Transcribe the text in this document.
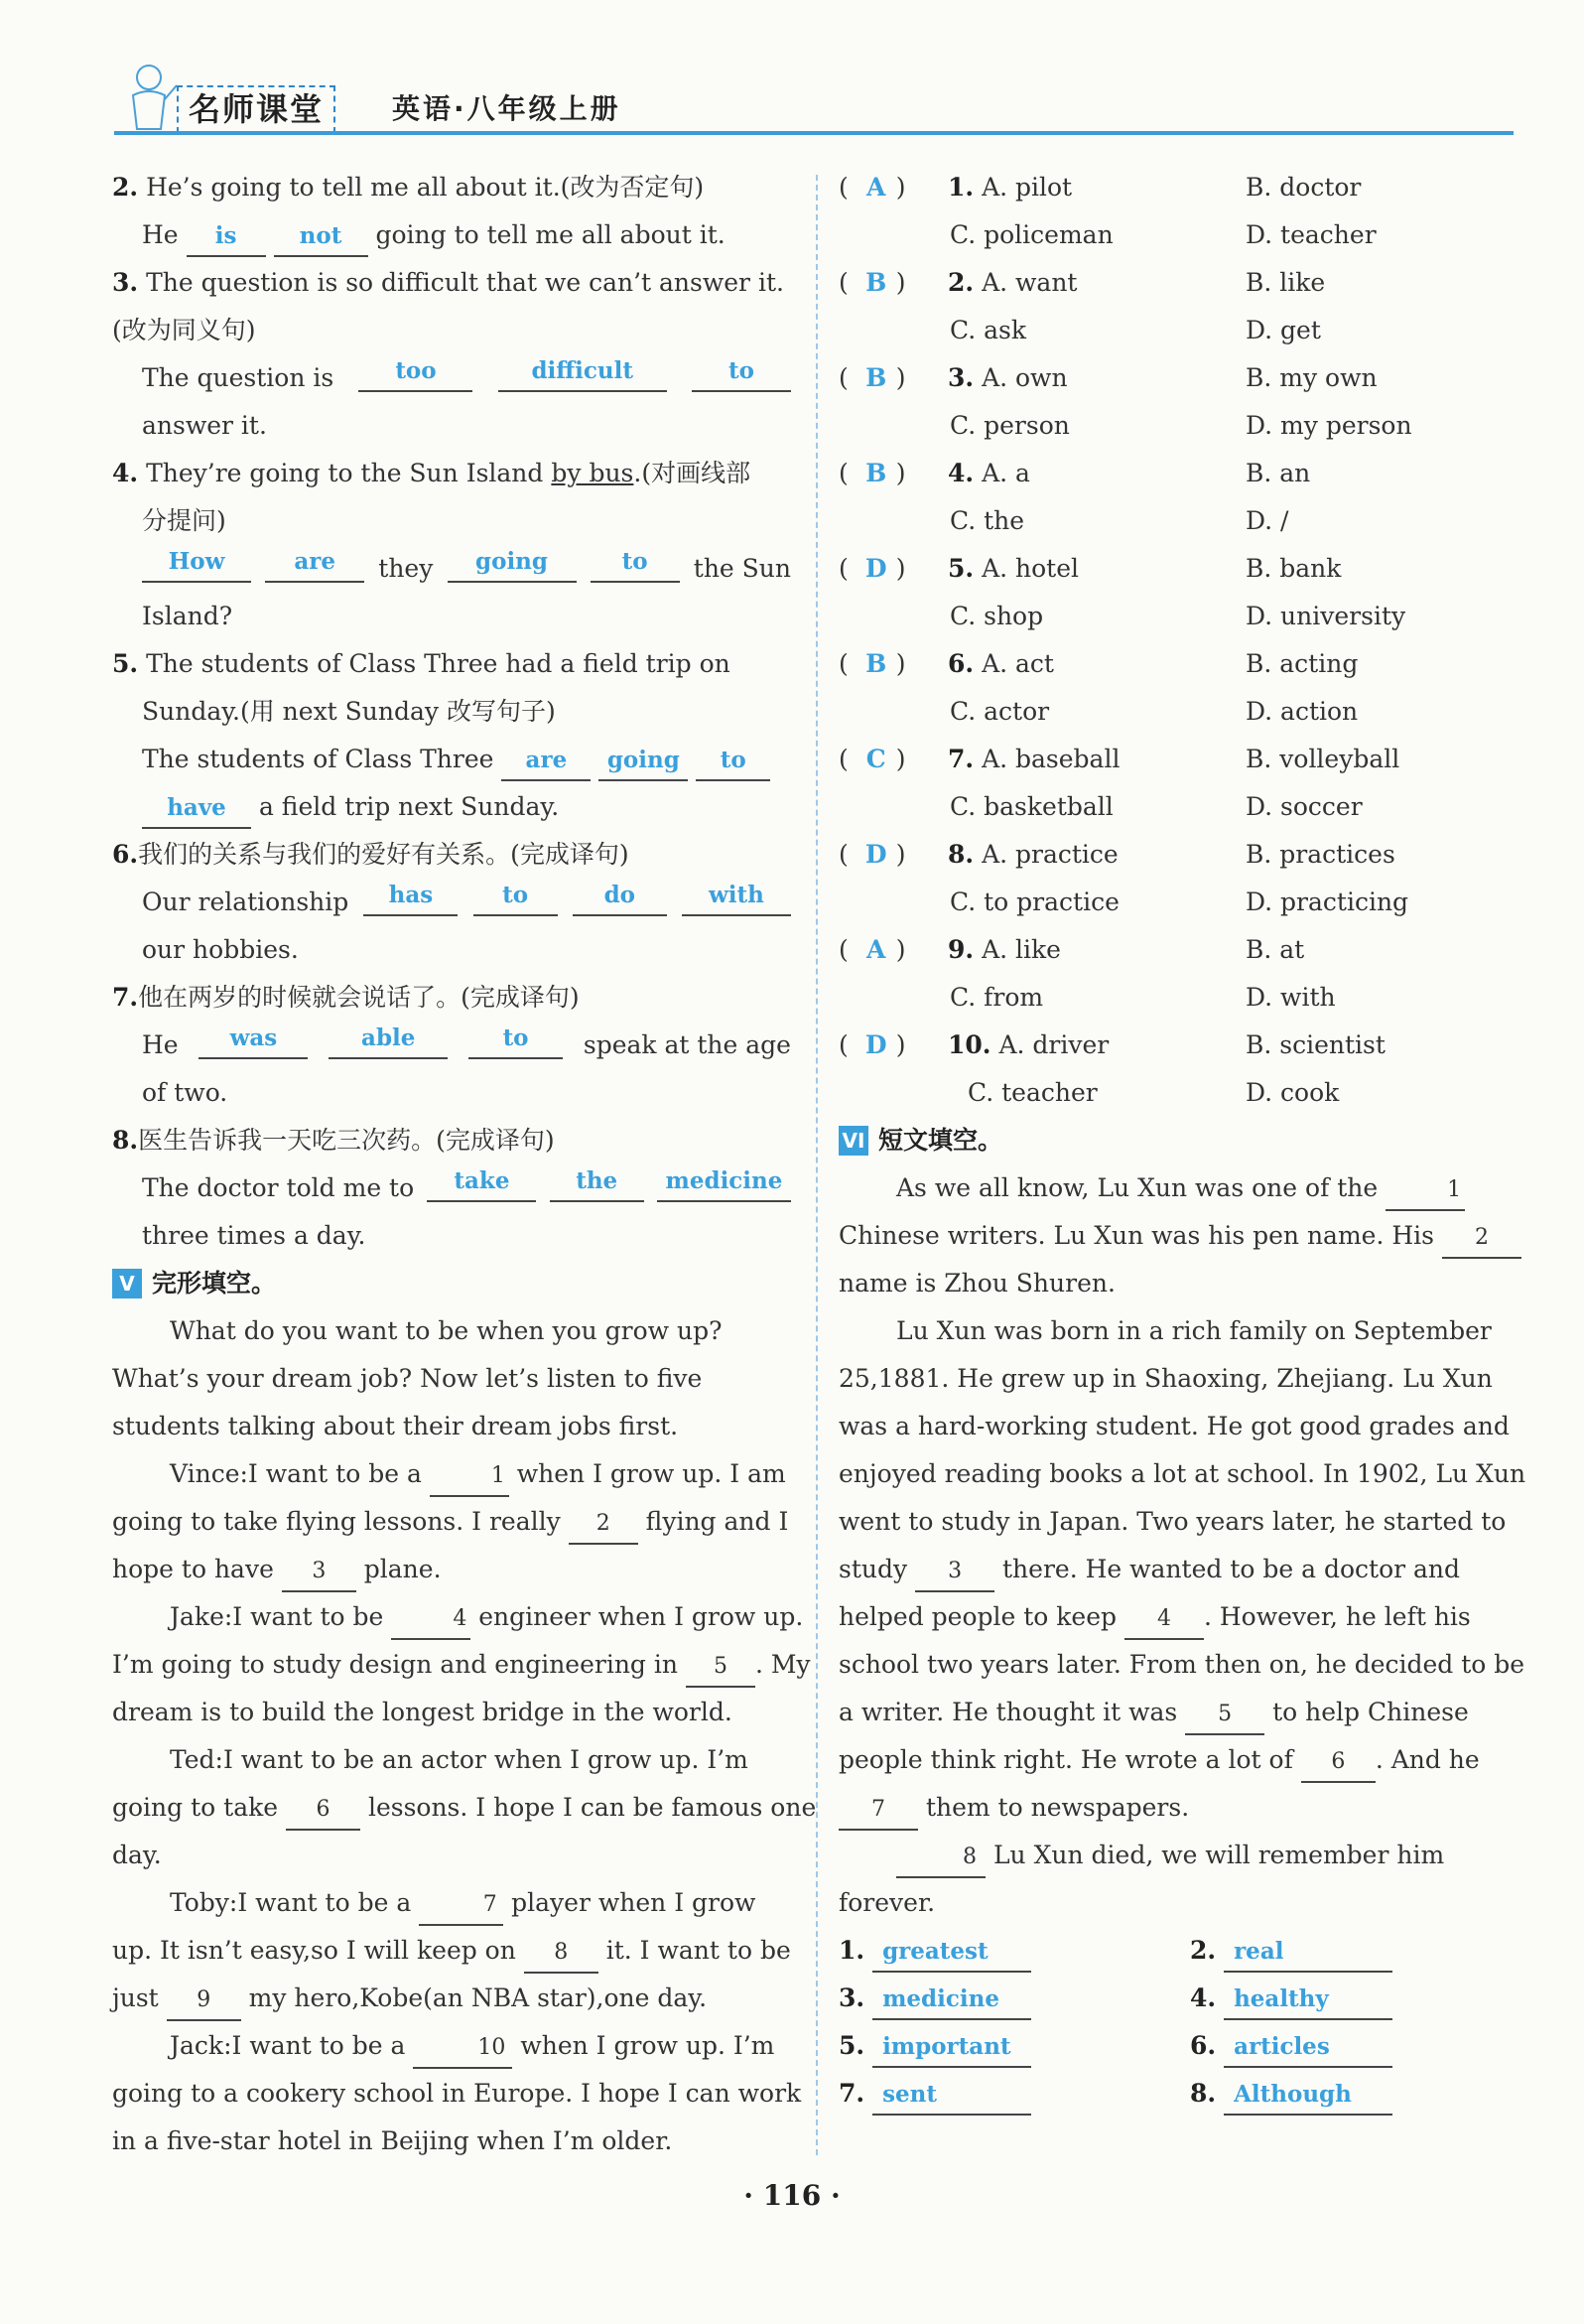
名师课堂	英语·八年级上册
2. He’s going to tell me all about it.(改为否定句)
He is	not going to tell me all about it.
3. The question is so difficult that we can’t answer it.
(改为同义句)
The question is	too	difficult	to
answer it.
4. They’re going to the Sun Island by bus.(对画线部
分提问)
How	are	they	going	to	the Sun
Island?
5. The students of Class Three had a field trip on
Sunday.(用 next Sunday 改写句子)
The students of Class Three are going to
have a field trip next Sunday.
6.我们的关系与我们的爱好有关系。(完成译句)
Our relationship	has	to	do	with
our hobbies.
7.他在两岁的时候就会说话了。(完成译句)
He	was	able	to	speak at the age
of two.
8.医生告诉我一天吃三次药。(完成译句)
The doctor told me to	take	the	medicine
three times a day.
V 完形填空。
What do you want to be when you grow up?
What’s your dream job? Now let’s listen to five
students talking about their dream jobs first.
Vince:I want to be a	1 when I grow up. I am
going to take flying lessons. I really 2 flying and I
hope to have 3 plane.
Jake:I want to be	4 engineer when I grow up.
I’m going to study design and engineering in 5 . My
dream is to build the longest bridge in the world.
Ted:I want to be an actor when I grow up. I’m
going to take 6 lessons. I hope I can be famous one
day.
Toby:I want to be a	7 player when I grow
up. It isn’t easy,so I will keep on 8 it. I want to be
just 9 my hero,Kobe(an NBA star),one day.
Jack:I want to be a	10 when I grow up. I’m
going to a cookery school in Europe. I hope I can work
in a five-star hotel in Beijing when I’m older.
( A )	1. A. pilot	B. doctor
C. policeman	D. teacher
( B )	2. A. want	B. like
C. ask	D. get
( B )	3. A. own	B. my own
C. person	D. my person
( B )	4. A. a	B. an
C. the	D. /
( D )	5. A. hotel	B. bank
C. shop	D. university
( B )	6. A. act	B. acting
C. actor	D. action
( C )	7. A. baseball	B. volleyball
C. basketball	D. soccer
( D )	8. A. practice	B. practices
C. to practice	D. practicing
( A )	9. A. like	B. at
C. from	D. with
( D )	10. A. driver	B. scientist
C. teacher	D. cook
VI 短文填空。
As we all know, Lu Xun was one of the	1
Chinese writers. Lu Xun was his pen name. His 2
name is Zhou Shuren.
Lu Xun was born in a rich family on September
25,1881. He grew up in Shaoxing, Zhejiang. Lu Xun
was a hard-working student. He got good grades and
enjoyed reading books a lot at school. In 1902, Lu Xun
went to study in Japan. Two years later, he started to
study 3 there. He wanted to be a doctor and
helped people to keep 4 . However, he left his
school two years later. From then on, he decided to be
a writer. He thought it was 5 to help Chinese
people think right. He wrote a lot of 6 . And he
7 them to newspapers.
8 Lu Xun died, we will remember him
forever.
1. greatest	2. real
3. medicine	4. healthy
5. important	6. articles
7. sent	8. Although
· 116 ·
